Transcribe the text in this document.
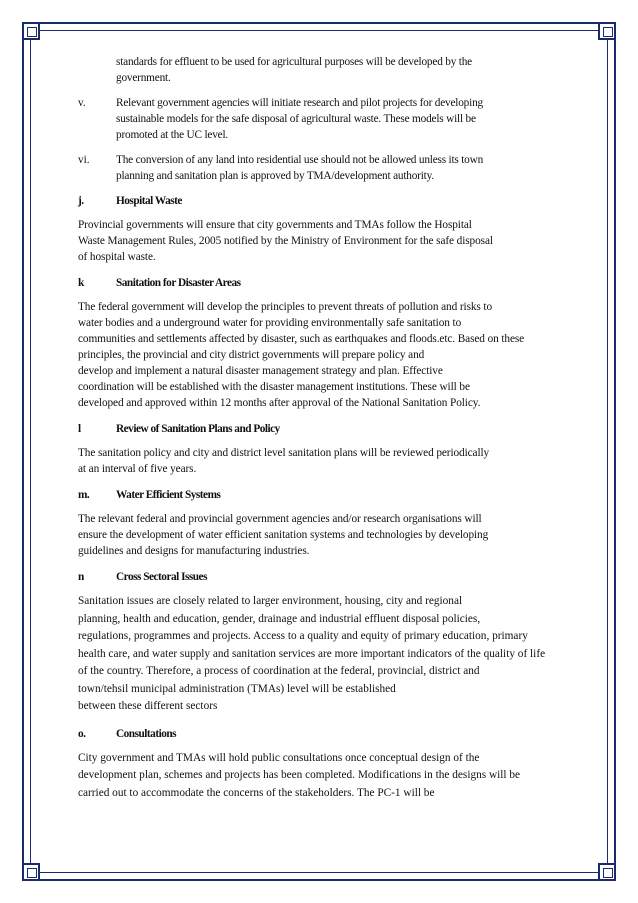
standards for effluent to be used for agricultural purposes will be developed by the
government.
v.	Relevant government agencies will initiate research and pilot projects for developing
sustainable models for the safe disposal of agricultural waste. These models will be
promoted at the UC level.
vi.	The conversion of any land into residential use should not be allowed unless its town
planning and sanitation plan is approved by TMA/development authority.
j.	Hospital Waste
Provincial governments will ensure that city governments and TMAs follow the Hospital
Waste Management Rules, 2005 notified by the Ministry of Environment for the safe disposal
of hospital waste.
k	Sanitation for Disaster Areas
The federal government will develop the principles to prevent threats of pollution and risks to
water bodies and a underground water for providing environmentally safe sanitation to
communities and settlements affected by disaster, such as earthquakes and floods.etc. Based on these
principles, the provincial and city district governments will prepare policy and
develop and implement a natural disaster management strategy and plan. Effective
coordination will be established with the disaster management institutions. These will be
developed and approved within 12 months after approval of the National Sanitation Policy.
l	Review of Sanitation Plans and Policy
The sanitation policy and city and district level sanitation plans will be reviewed periodically
at an interval of five years.
m.	Water Efficient Systems
The relevant federal and provincial government agencies and/or research organisations will
ensure the development of water efficient sanitation systems and technologies by developing
guidelines and designs for manufacturing industries.
n	Cross Sectoral Issues
Sanitation issues are closely related to larger environment, housing, city and regional
planning, health and education, gender, drainage and industrial effluent disposal policies,
regulations, programmes and projects. Access to a quality and equity of primary education, primary
health care, and water supply and sanitation services are more important indicators of the quality of life
of the country. Therefore, a process of coordination at the federal, provincial, district and
town/tehsil municipal administration (TMAs) level will be established
between these different sectors
o.	Consultations
City government and TMAs will hold public consultations once conceptual design of the
development plan, schemes and projects has been completed. Modifications in the designs will be
carried out to accommodate the concerns of the stakeholders. The PC-1 will be
